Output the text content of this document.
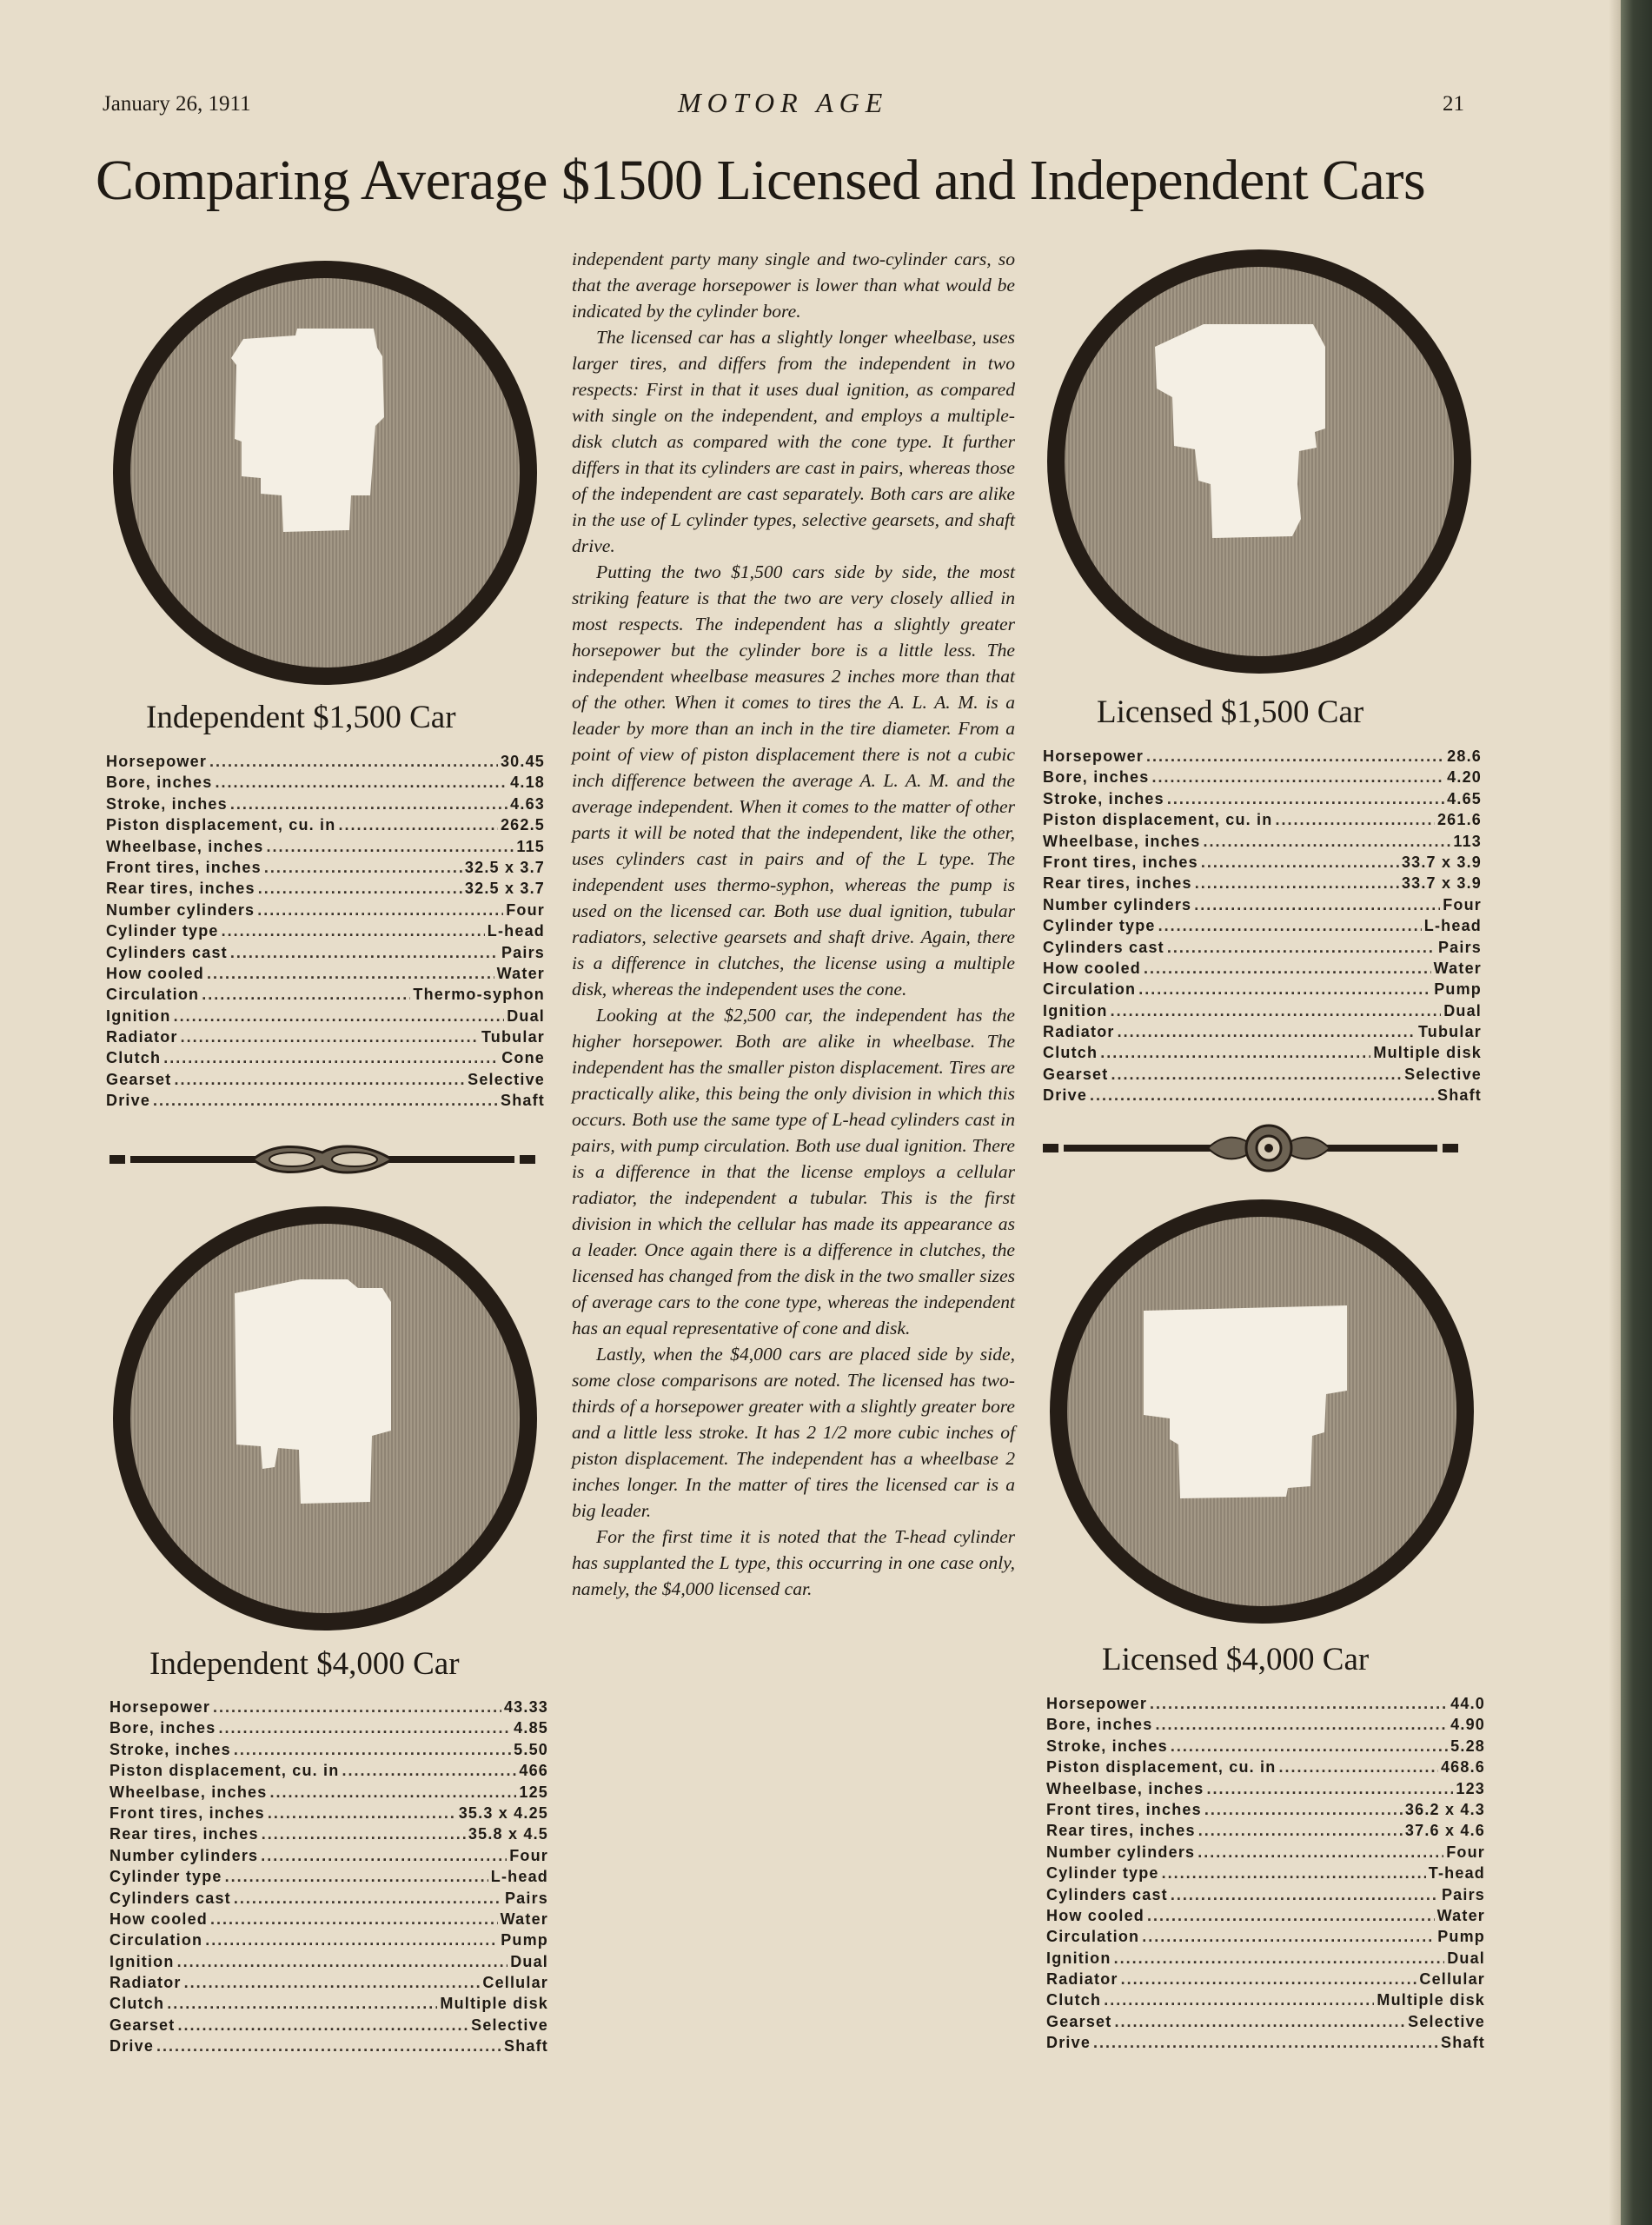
January 26, 1911	MOTOR AGE	21
Comparing Average $1500 Licensed and Independent Cars
Independent $1,500 Car
Horsepower .....	30.45
Bore, inches .....	4.18
Stroke, inches .....	4.63
Piston displacement, cu. in .....	262.5
Wheelbase, inches .....	115
Front tires, inches .....	32.5 x 3.7
Rear tires, inches .....	32.5 x 3.7
Number cylinders .....	Four
Cylinder type .....	L-head
Cylinders cast .....	Pairs
How cooled .....	Water
Circulation .....	Thermo-syphon
Ignition .....	Dual
Radiator .....	Tubular
Clutch .....	Cone
Gearset .....	Selective
Drive .....	Shaft
Independent $4,000 Car
Horsepower .....	43.33
Bore, inches .....	4.85
Stroke, inches .....	5.50
Piston displacement, cu. in .....	466
Wheelbase, inches .....	125
Front tires, inches .....	35.3 x 4.25
Rear tires, inches .....	35.8 x 4.5
Number cylinders .....	Four
Cylinder type .....	L-head
Cylinders cast .....	Pairs
How cooled .....	Water
Circulation .....	Pump
Ignition .....	Dual
Radiator .....	Cellular
Clutch .....	Multiple disk
Gearset .....	Selective
Drive .....	Shaft

independent party many single and two-cylinder cars, so that the average horsepower is lower than what would be indicated by the cylinder bore.

The licensed car has a slightly longer wheelbase, uses larger tires, and differs from the independent in two respects: First in that it uses dual ignition, as compared with single on the independent, and employs a multiple-disk clutch as compared with the cone type. It further differs in that its cylinders are cast in pairs, whereas those of the independent are cast separately. Both cars are alike in the use of L cylinder types, selective gearsets, and shaft drive.

Putting the two $1,500 cars side by side, the most striking feature is that the two are very closely allied in most respects. The independent has a slightly greater horsepower but the cylinder bore is a little less. The independent wheelbase measures 2 inches more than that of the other. When it comes to tires the A. L. A. M. is a leader by more than an inch in the tire diameter. From a point of view of piston displacement there is not a cubic inch difference between the average A. L. A. M. and the average independent. When it comes to the matter of other parts it will be noted that the independent, like the other, uses cylinders cast in pairs and of the L type. The independent uses thermo-syphon, whereas the pump is used on the licensed car. Both use dual ignition, tubular radiators, selective gearsets and shaft drive. Again, there is a difference in clutches, the license using a multiple disk, whereas the independent uses the cone.

Looking at the $2,500 car, the independent has the higher horsepower. Both are alike in wheelbase. The independent has the smaller piston displacement. Tires are practically alike, this being the only division in which this occurs. Both use the same type of L-head cylinders cast in pairs, with pump circulation. Both use dual ignition. There is a difference in that the license employs a cellular radiator, the independent a tubular. This is the first division in which the cellular has made its appearance as a leader. Once again there is a difference in clutches, the licensed has changed from the disk in the two smaller sizes of average cars to the cone type, whereas the independent has an equal representative of cone and disk.

Lastly, when the $4,000 cars are placed side by side, some close comparisons are noted. The licensed has two-thirds of a horsepower greater with a slightly greater bore and a little less stroke. It has 2 1/2 more cubic inches of piston displacement. The independent has a wheelbase 2 inches longer. In the matter of tires the licensed car is a big leader.

For the first time it is noted that the T-head cylinder has supplanted the L type, this occurring in one case only, namely, the $4,000 licensed car.

Licensed $1,500 Car
Horsepower .....	28.6
Bore, inches .....	4.20
Stroke, inches .....	4.65
Piston displacement, cu. in .....	261.6
Wheelbase, inches .....	113
Front tires, inches .....	33.7 x 3.9
Rear tires, inches .....	33.7 x 3.9
Number cylinders .....	Four
Cylinder type .....	L-head
Cylinders cast .....	Pairs
How cooled .....	Water
Circulation .....	Pump
Ignition .....	Dual
Radiator .....	Tubular
Clutch .....	Multiple disk
Gearset .....	Selective
Drive .....	Shaft
Licensed $4,000 Car
Horsepower .....	44.0
Bore, inches .....	4.90
Stroke, inches .....	5.28
Piston displacement, cu. in .....	468.6
Wheelbase, inches .....	123
Front tires, inches .....	36.2 x 4.3
Rear tires, inches .....	37.6 x 4.6
Number cylinders .....	Four
Cylinder type .....	T-head
Cylinders cast .....	Pairs
How cooled .....	Water
Circulation .....	Pump
Ignition .....	Dual
Radiator .....	Cellular
Clutch .....	Multiple disk
Gearset .....	Selective
Drive .....	Shaft
